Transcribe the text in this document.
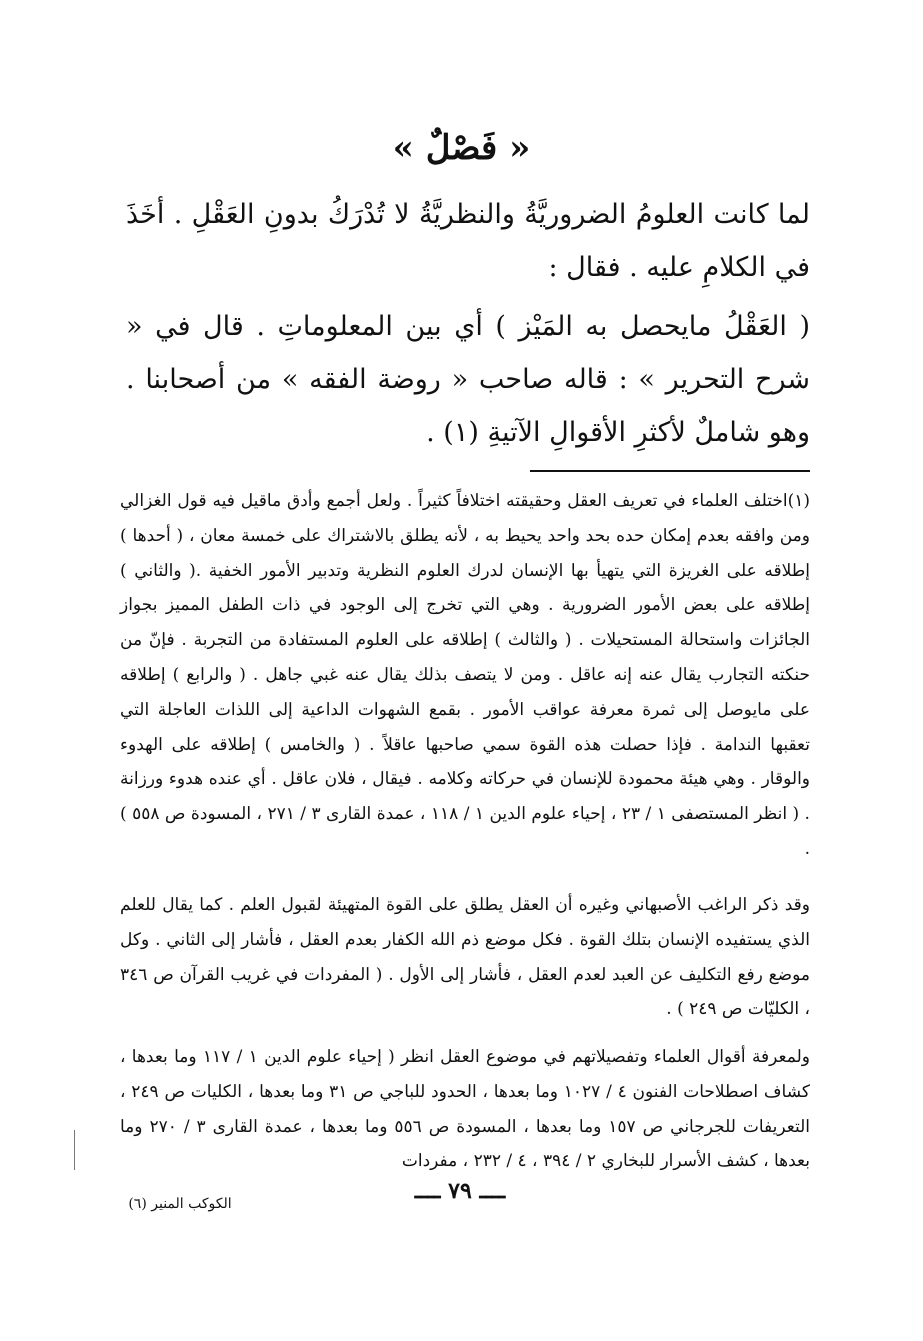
« فَصْلٌ »
لما كانت العلومُ الضروريَّةُ والنظريَّةُ لا تُدْرَكُ بدونِ العَقْلِ . أخَذَ في الكلامِ عليه . فقال :
( العَقْلُ مايحصل به المَيْز ) أي بين المعلوماتِ . قال في « شرح التحرير » : قاله صاحب « روضة الفقه » من أصحابنا . وهو شاملٌ لأكثرِ الأقوالِ الآتيةِ (١) .
(١)اختلف العلماء في تعريف العقل وحقيقته اختلافاً كثيراً . ولعل أجمع وأدق ماقيل فيه قول الغزالي ومن وافقه بعدم إمكان حده بحد واحد يحيط به ، لأنه يطلق بالاشتراك على خمسة معان ، ( أحدها ) إطلاقه على الغريزة التي يتهيأ بها الإنسان لدرك العلوم النظرية وتدبير الأمور الخفية .( والثاني ) إطلاقه على بعض الأمور الضرورية . وهي التي تخرج إلى الوجود في ذات الطفل المميز بجواز الجائزات واستحالة المستحيلات . ( والثالث ) إطلاقه على العلوم المستفادة من التجربة . فإنّ من حنكته التجارب يقال عنه إنه عاقل . ومن لا يتصف بذلك يقال عنه غبي جاهل . ( والرابع ) إطلاقه على مايوصل إلى ثمرة معرفة عواقب الأمور . بقمع الشهوات الداعية إلى اللذات العاجلة التي تعقبها الندامة . فإذا حصلت هذه القوة سمي صاحبها عاقلاً . ( والخامس ) إطلاقه على الهدوء والوقار . وهي هيئة محمودة للإنسان في حركاته وكلامه . فيقال ، فلان عاقل . أي عنده هدوء ورزانة . ( انظر المستصفى ١ / ٢٣ ، إحياء علوم الدين ١ / ١١٨ ، عمدة القارى ٣ / ٢٧١ ، المسودة ص ٥٥٨ ) .
وقد ذكر الراغب الأصبهاني وغيره أن العقل يطلق على القوة المتهيئة لقبول العلم . كما يقال للعلم الذي يستفيده الإنسان بتلك القوة . فكل موضع ذم الله الكفار بعدم العقل ، فأشار إلى الثاني . وكل موضع رفع التكليف عن العبد لعدم العقل ، فأشار إلى الأول . ( المفردات في غريب القرآن ص ٣٤٦ ، الكليّات ص ٢٤٩ ) .
ولمعرفة أقوال العلماء وتفصيلاتهم في موضوع العقل انظر ( إحياء علوم الدين ١ / ١١٧ وما بعدها ، كشاف اصطلاحات الفنون ٤ / ١٠٢٧ وما بعدها ، الحدود للباجي ص ٣١ وما بعدها ، الكليات ص ٢٤٩ ، التعريفات للجرجاني ص ١٥٧ وما بعدها ، المسودة ص ٥٥٦ وما بعدها ، عمدة القارى ٣ / ٢٧٠ وما بعدها ، كشف الأسرار للبخاري ٢ / ٣٩٤ ، ٤ / ٢٣٢ ، مفردات
ــــ ٧٩ ــــ
الكوكب المنير (٦)
